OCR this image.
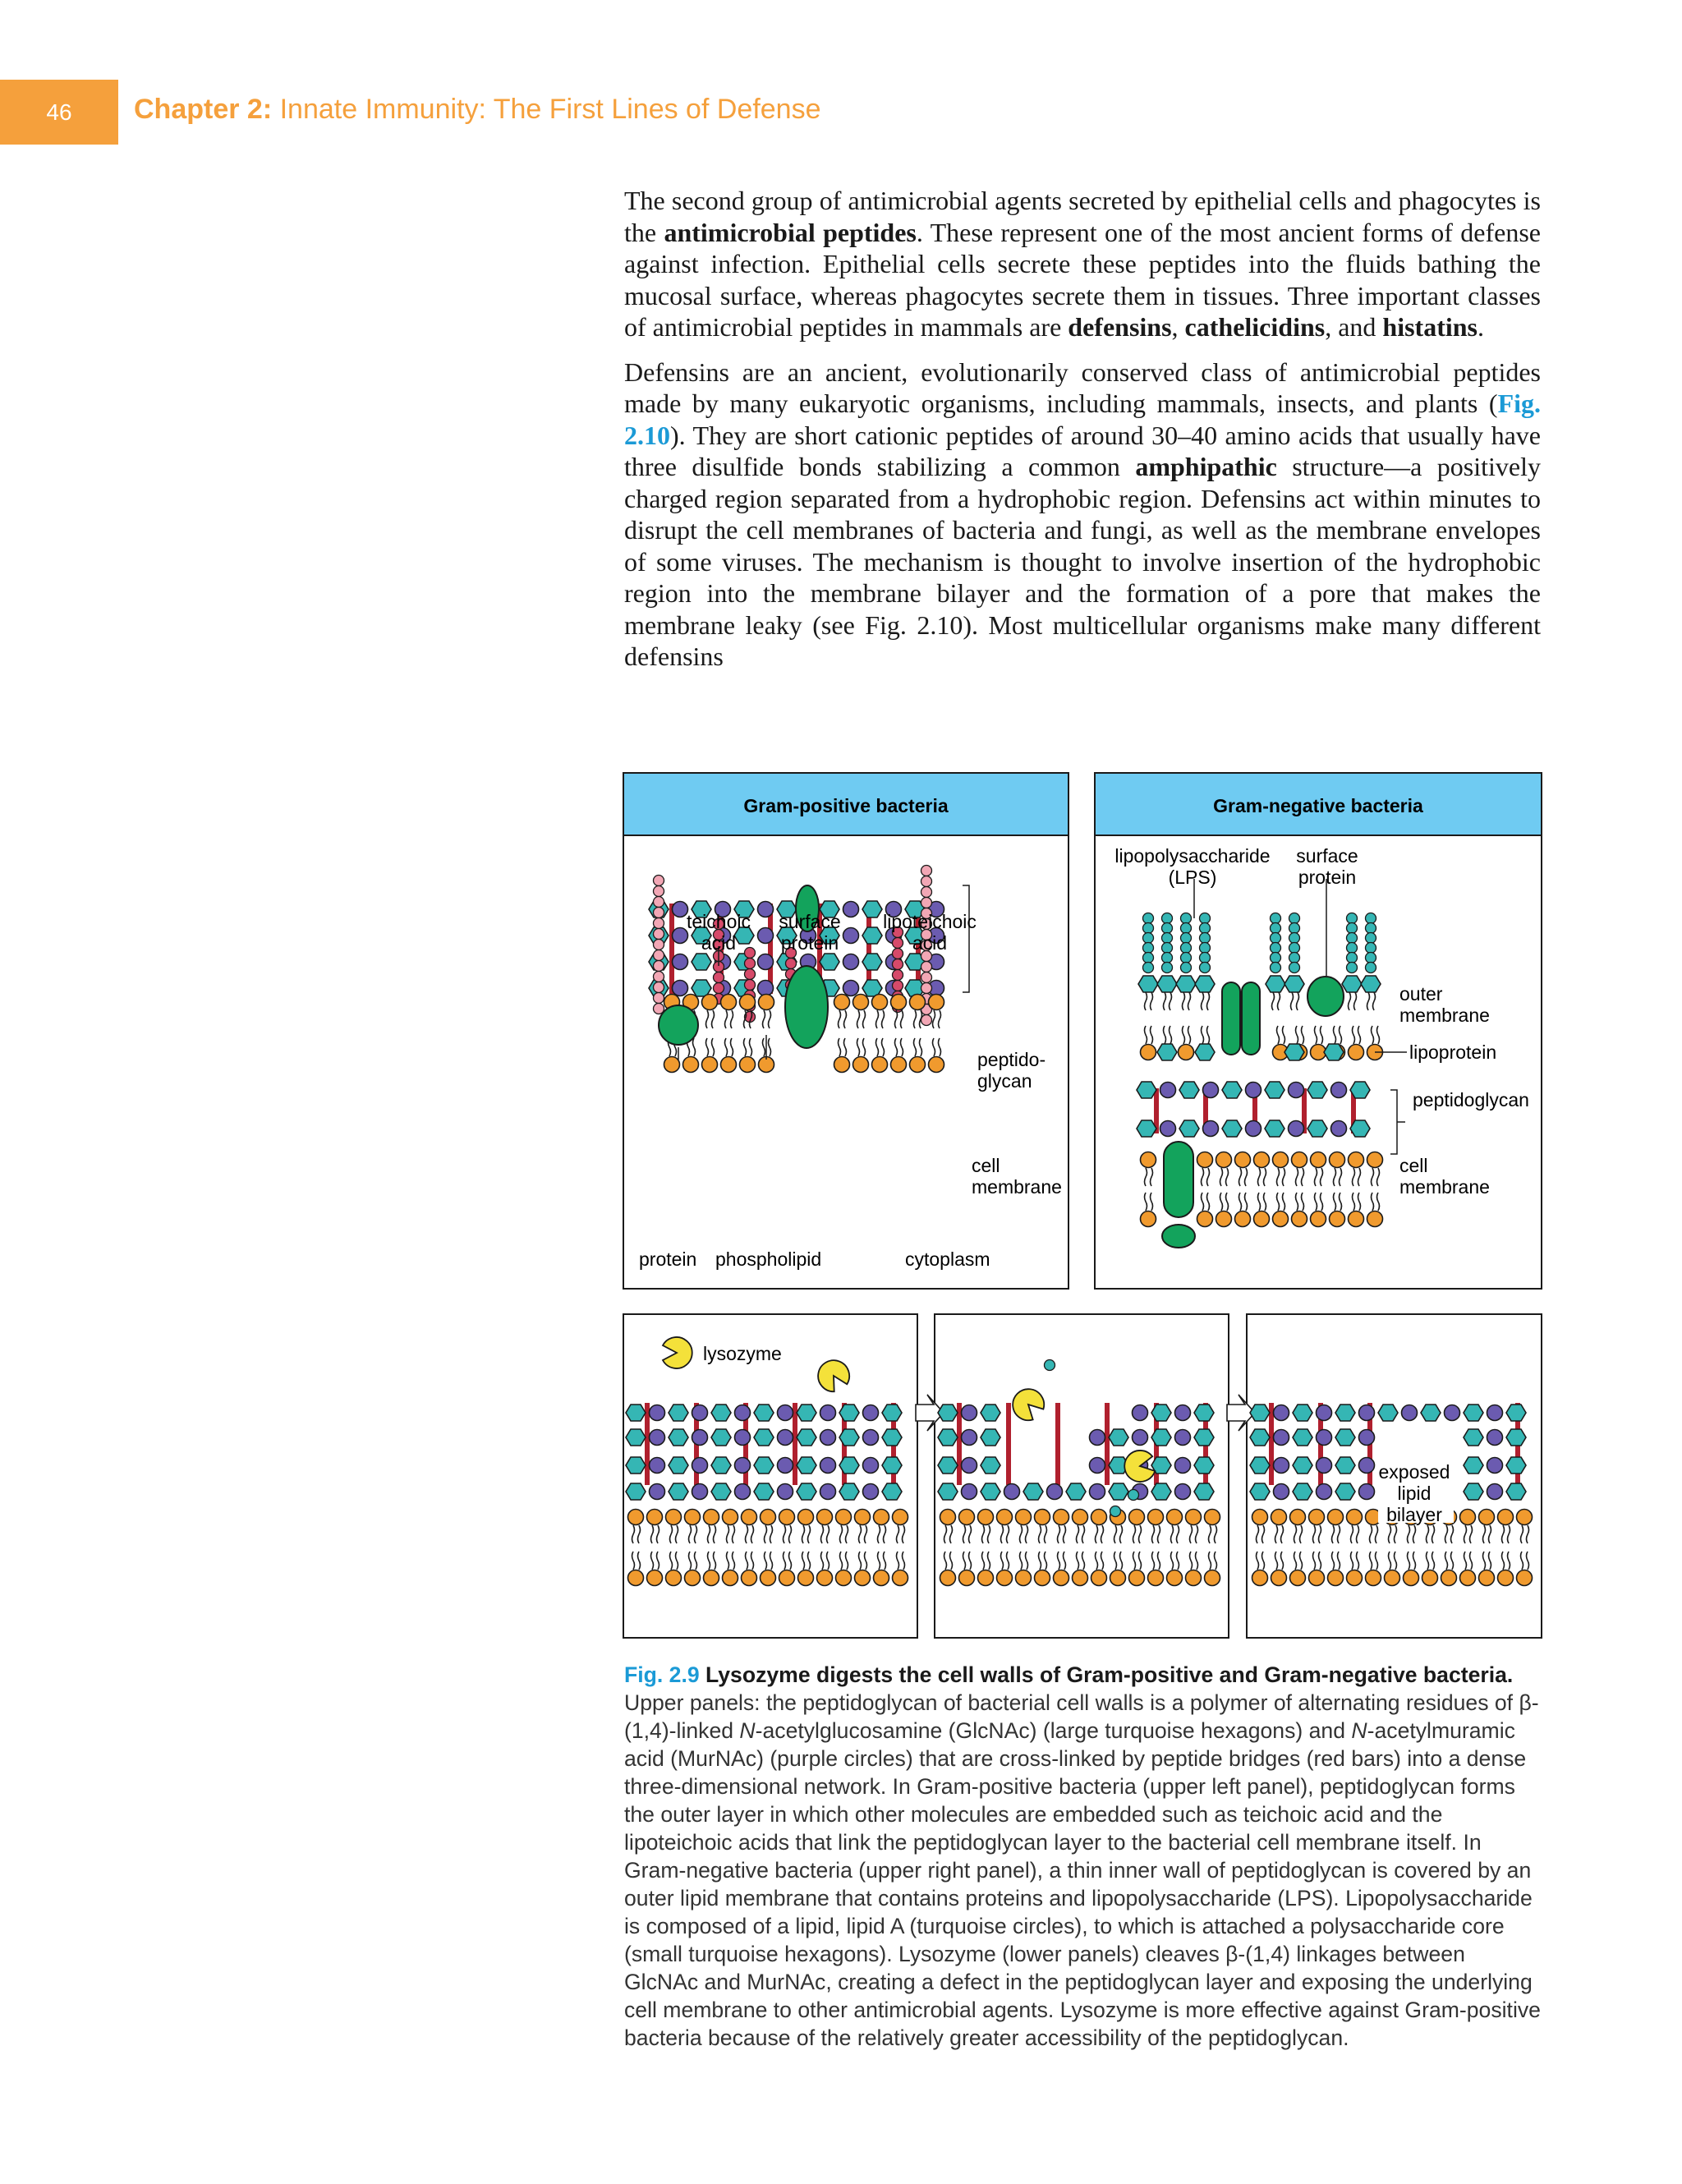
46	Chapter 2: Innate Immunity: The First Lines of Defense

The second group of antimicrobial agents secreted by epithelial cells and phagocytes is the antimicrobial peptides. These represent one of the most ancient forms of defense against infection. Epithelial cells secrete these peptides into the fluids bathing the mucosal surface, whereas phagocytes secrete them in tissues. Three important classes of antimicrobial peptides in mammals are defensins, cathelicidins, and histatins.

Defensins are an ancient, evolutionarily conserved class of antimicrobial peptides made by many eukaryotic organisms, including mammals, insects, and plants (Fig. 2.10). They are short cationic peptides of around 30–40 amino acids that usually have three disulfide bonds stabilizing a common amphipathic structure—a positively charged region separated from a hydrophobic region. Defensins act within minutes to disrupt the cell membranes of bacteria and fungi, as well as the membrane envelopes of some viruses. The mechanism is thought to involve insertion of the hydrophobic region into the membrane bilayer and the formation of a pore that makes the membrane leaky (see Fig. 2.10). Most multicellular organisms make many different defensins

Gram-positive bacteria
teichoic
acid
surface
protein
lipoteichoic
acid
peptido-
glycan
cell
membrane
protein phospholipid	cytoplasm
Gram-negative bacteria
lipopolysaccharide
(LPS)
surface
protein
outer
membrane
lipoprotein
peptidoglycan
cell
membrane
lysozyme
exposed
lipid
bilayer
Fig. 2.9 Lysozyme digests the cell walls of Gram-positive and Gram-negative bacteria. Upper panels: the peptidoglycan of bacterial cell walls is a polymer of alternating residues of β-(1,4)-linked N-acetylglucosamine (GlcNAc) (large turquoise hexagons) and N-acetylmuramic acid (MurNAc) (purple circles) that are cross-linked by peptide bridges (red bars) into a dense three-dimensional network. In Gram-positive bacteria (upper left panel), peptidoglycan forms the outer layer in which other molecules are embedded such as teichoic acid and the lipoteichoic acids that link the peptidoglycan layer to the bacterial cell membrane itself. In Gram-negative bacteria (upper right panel), a thin inner wall of peptidoglycan is covered by an outer lipid membrane that contains proteins and lipopolysaccharide (LPS). Lipopolysaccharide is composed of a lipid, lipid A (turquoise circles), to which is attached a polysaccharide core (small turquoise hexagons). Lysozyme (lower panels) cleaves β-(1,4) linkages between GlcNAc and MurNAc, creating a defect in the peptidoglycan layer and exposing the underlying cell membrane to other antimicrobial agents. Lysozyme is more effective against Gram-positive bacteria because of the relatively greater accessibility of the peptidoglycan.
